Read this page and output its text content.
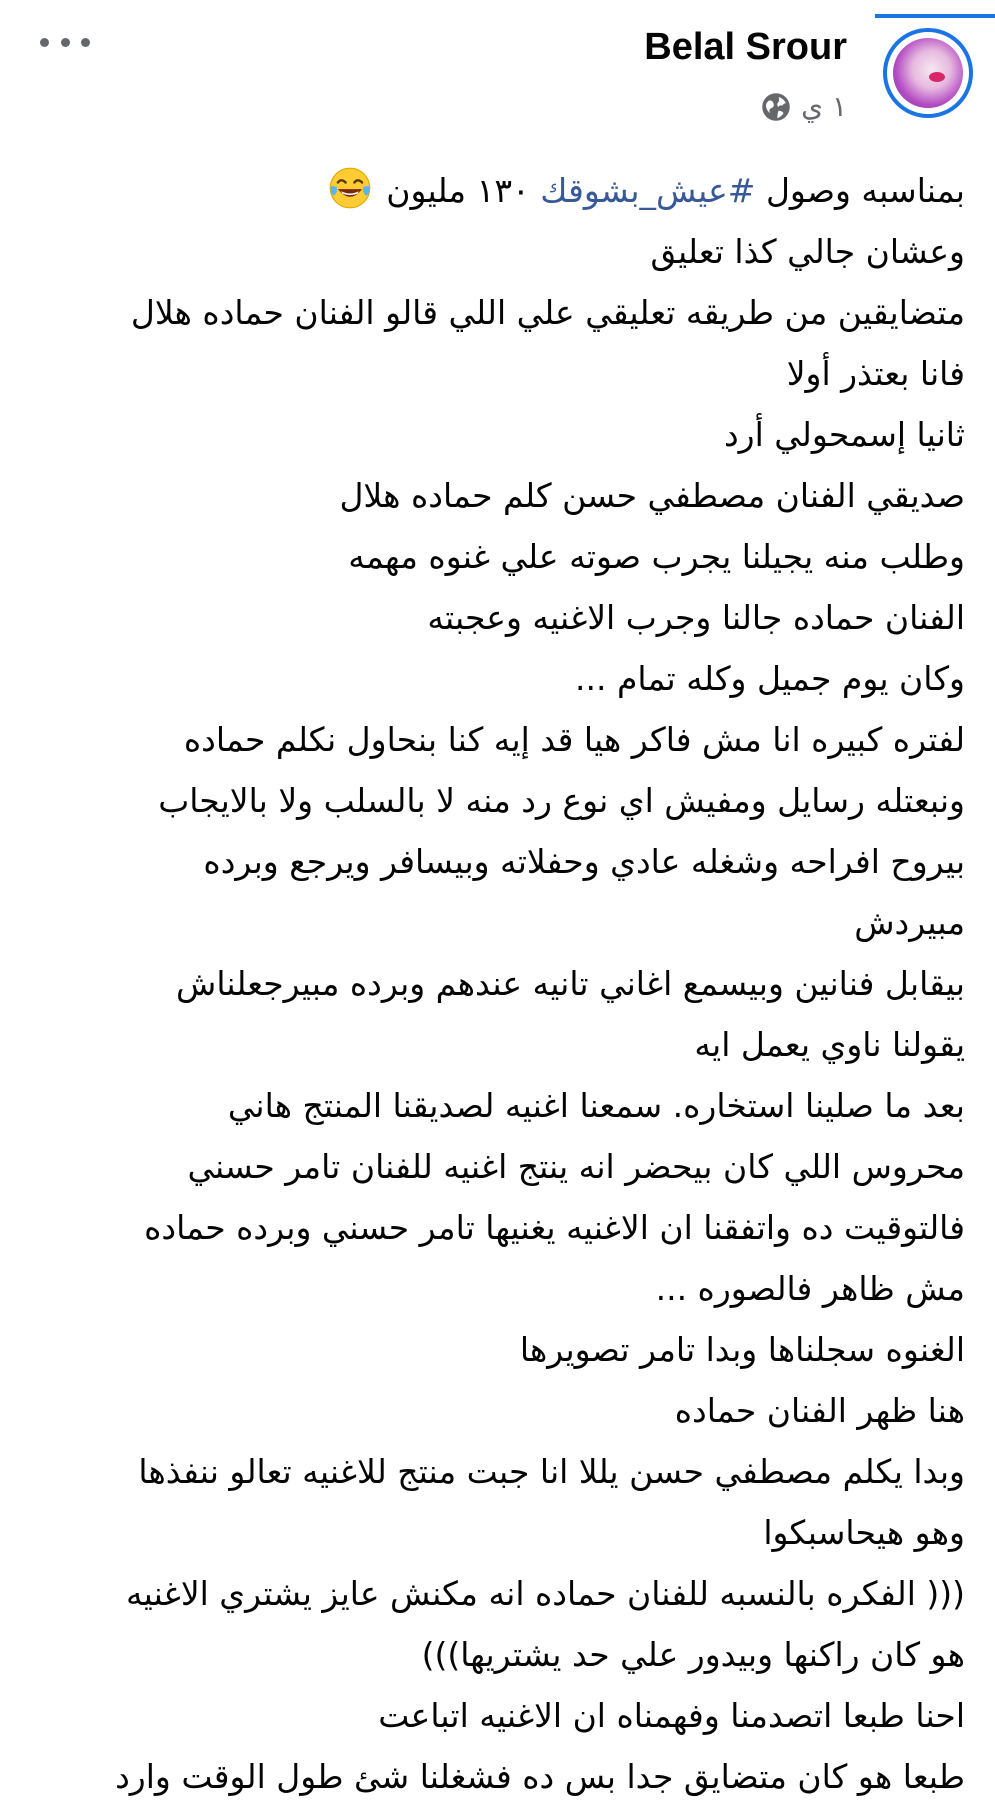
Belal Srour
١ ي
بمناسبه وصول #عيش_بشوقك ١٣٠ مليون
وعشان جالي كذا تعليق
متضايقين من طريقه تعليقي علي اللي قالو الفنان حماده هلال
فانا بعتذر أولا
ثانيا إسمحولي أرد
صديقي الفنان مصطفي حسن كلم حماده هلال
وطلب منه يجيلنا يجرب صوته علي غنوه مهمه
الفنان حماده جالنا وجرب الاغنيه وعجبته
وكان يوم جميل وكله تمام ...
لفتره كبيره انا مش فاكر هيا قد إيه كنا بنحاول نكلم حماده
ونبعتله رسايل ومفيش اي نوع رد منه لا بالسلب ولا بالايجاب
بيروح افراحه وشغله عادي وحفلاته وبيسافر ويرجع وبرده
مبيردش
بيقابل فنانين وبيسمع اغاني تانيه عندهم وبرده مبيرجعلناش
يقولنا ناوي يعمل ايه
بعد ما صلينا استخاره. سمعنا اغنيه لصديقنا المنتج هاني
محروس اللي كان بيحضر انه ينتج اغنيه للفنان تامر حسني
فالتوقيت ده واتفقنا ان الاغنيه يغنيها تامر حسني وبرده حماده
مش ظاهر فالصوره ...
الغنوه سجلناها وبدا تامر تصويرها
هنا ظهر الفنان حماده
وبدا يكلم مصطفي حسن يللا انا جبت منتج للاغنيه تعالو ننفذها
وهو هيحاسبكوا
((( الفكره بالنسبه للفنان حماده انه مكنش عايز يشتري الاغنيه
هو كان راكنها وبيدور علي حد يشتريها)))
احنا طبعا اتصدمنا وفهمناه ان الاغنيه اتباعت
طبعا هو كان متضايق جدا بس ده فشغلنا شئ طول الوقت وارد
